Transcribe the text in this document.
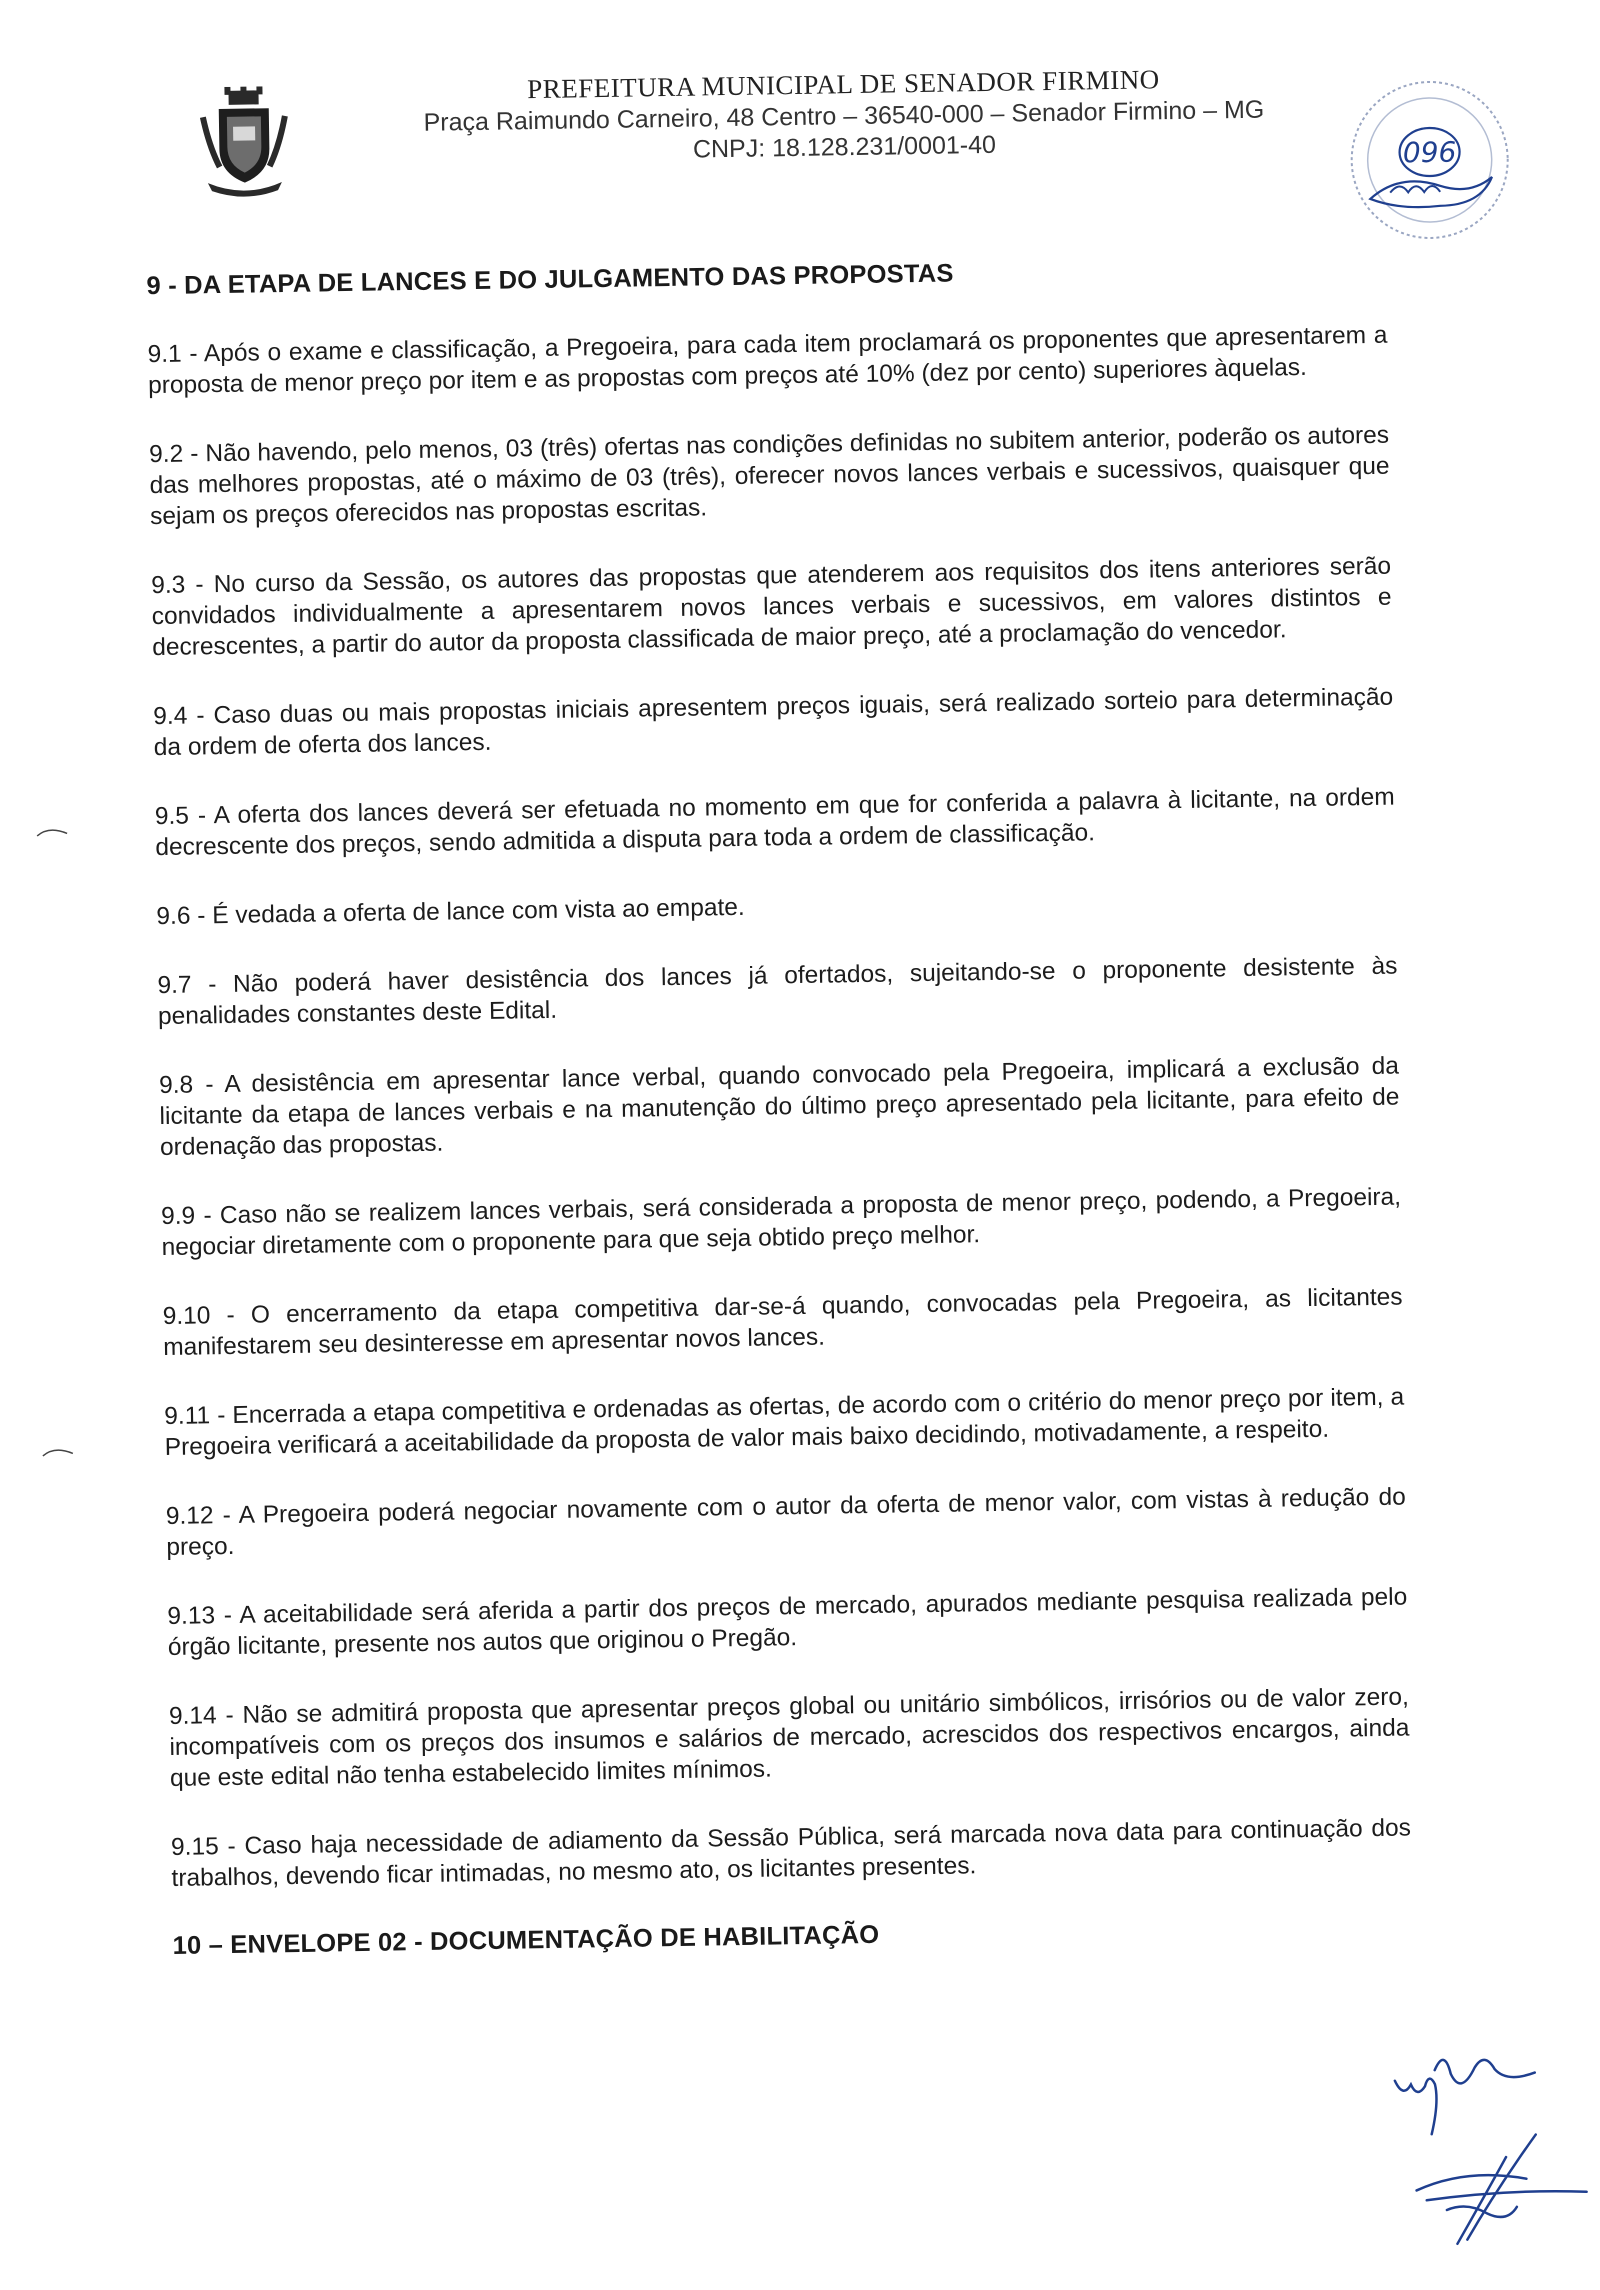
PREFEITURA MUNICIPAL DE SENADOR FIRMINO
Praça Raimundo Carneiro, 48 Centro – 36540-000 – Senador Firmino – MG
CNPJ: 18.128.231/0001-40	096
9 - DA ETAPA DE LANCES E DO JULGAMENTO DAS PROPOSTAS

9.1 - Após o exame e classificação, a Pregoeira, para cada item proclamará os proponentes que apresentarem a proposta de menor preço por item e as propostas com preços até 10% (dez por cento) superiores àquelas.

9.2 - Não havendo, pelo menos, 03 (três) ofertas nas condições definidas no subitem anterior, poderão os autores das melhores propostas, até o máximo de 03 (três), oferecer novos lances verbais e sucessivos, quaisquer que sejam os preços oferecidos nas propostas escritas.

9.3 - No curso da Sessão, os autores das propostas que atenderem aos requisitos dos itens anteriores serão convidados individualmente a apresentarem novos lances verbais e sucessivos, em valores distintos e decrescentes, a partir do autor da proposta classificada de maior preço, até a proclamação do vencedor.

9.4 - Caso duas ou mais propostas iniciais apresentem preços iguais, será realizado sorteio para determinação da ordem de oferta dos lances.

9.5 - A oferta dos lances deverá ser efetuada no momento em que for conferida a palavra à licitante, na ordem decrescente dos preços, sendo admitida a disputa para toda a ordem de classificação.

9.6 - É vedada a oferta de lance com vista ao empate.

9.7 - Não poderá haver desistência dos lances já ofertados, sujeitando-se o proponente desistente às penalidades constantes deste Edital.

9.8 - A desistência em apresentar lance verbal, quando convocado pela Pregoeira, implicará a exclusão da licitante da etapa de lances verbais e na manutenção do último preço apresentado pela licitante, para efeito de ordenação das propostas.

9.9 - Caso não se realizem lances verbais, será considerada a proposta de menor preço, podendo, a Pregoeira, negociar diretamente com o proponente para que seja obtido preço melhor.

9.10 - O encerramento da etapa competitiva dar-se-á quando, convocadas pela Pregoeira, as licitantes manifestarem seu desinteresse em apresentar novos lances.

9.11 - Encerrada a etapa competitiva e ordenadas as ofertas, de acordo com o critério do menor preço por item, a Pregoeira verificará a aceitabilidade da proposta de valor mais baixo decidindo, motivadamente, a respeito.

9.12 - A Pregoeira poderá negociar novamente com o autor da oferta de menor valor, com vistas à redução do preço.

9.13 - A aceitabilidade será aferida a partir dos preços de mercado, apurados mediante pesquisa realizada pelo órgão licitante, presente nos autos que originou o Pregão.

9.14 - Não se admitirá proposta que apresentar preços global ou unitário simbólicos, irrisórios ou de valor zero, incompatíveis com os preços dos insumos e salários de mercado, acrescidos dos respectivos encargos, ainda que este edital não tenha estabelecido limites mínimos.

9.15 - Caso haja necessidade de adiamento da Sessão Pública, será marcada nova data para continuação dos trabalhos, devendo ficar intimadas, no mesmo ato, os licitantes presentes.

10 – ENVELOPE 02 - DOCUMENTAÇÃO DE HABILITAÇÃO
